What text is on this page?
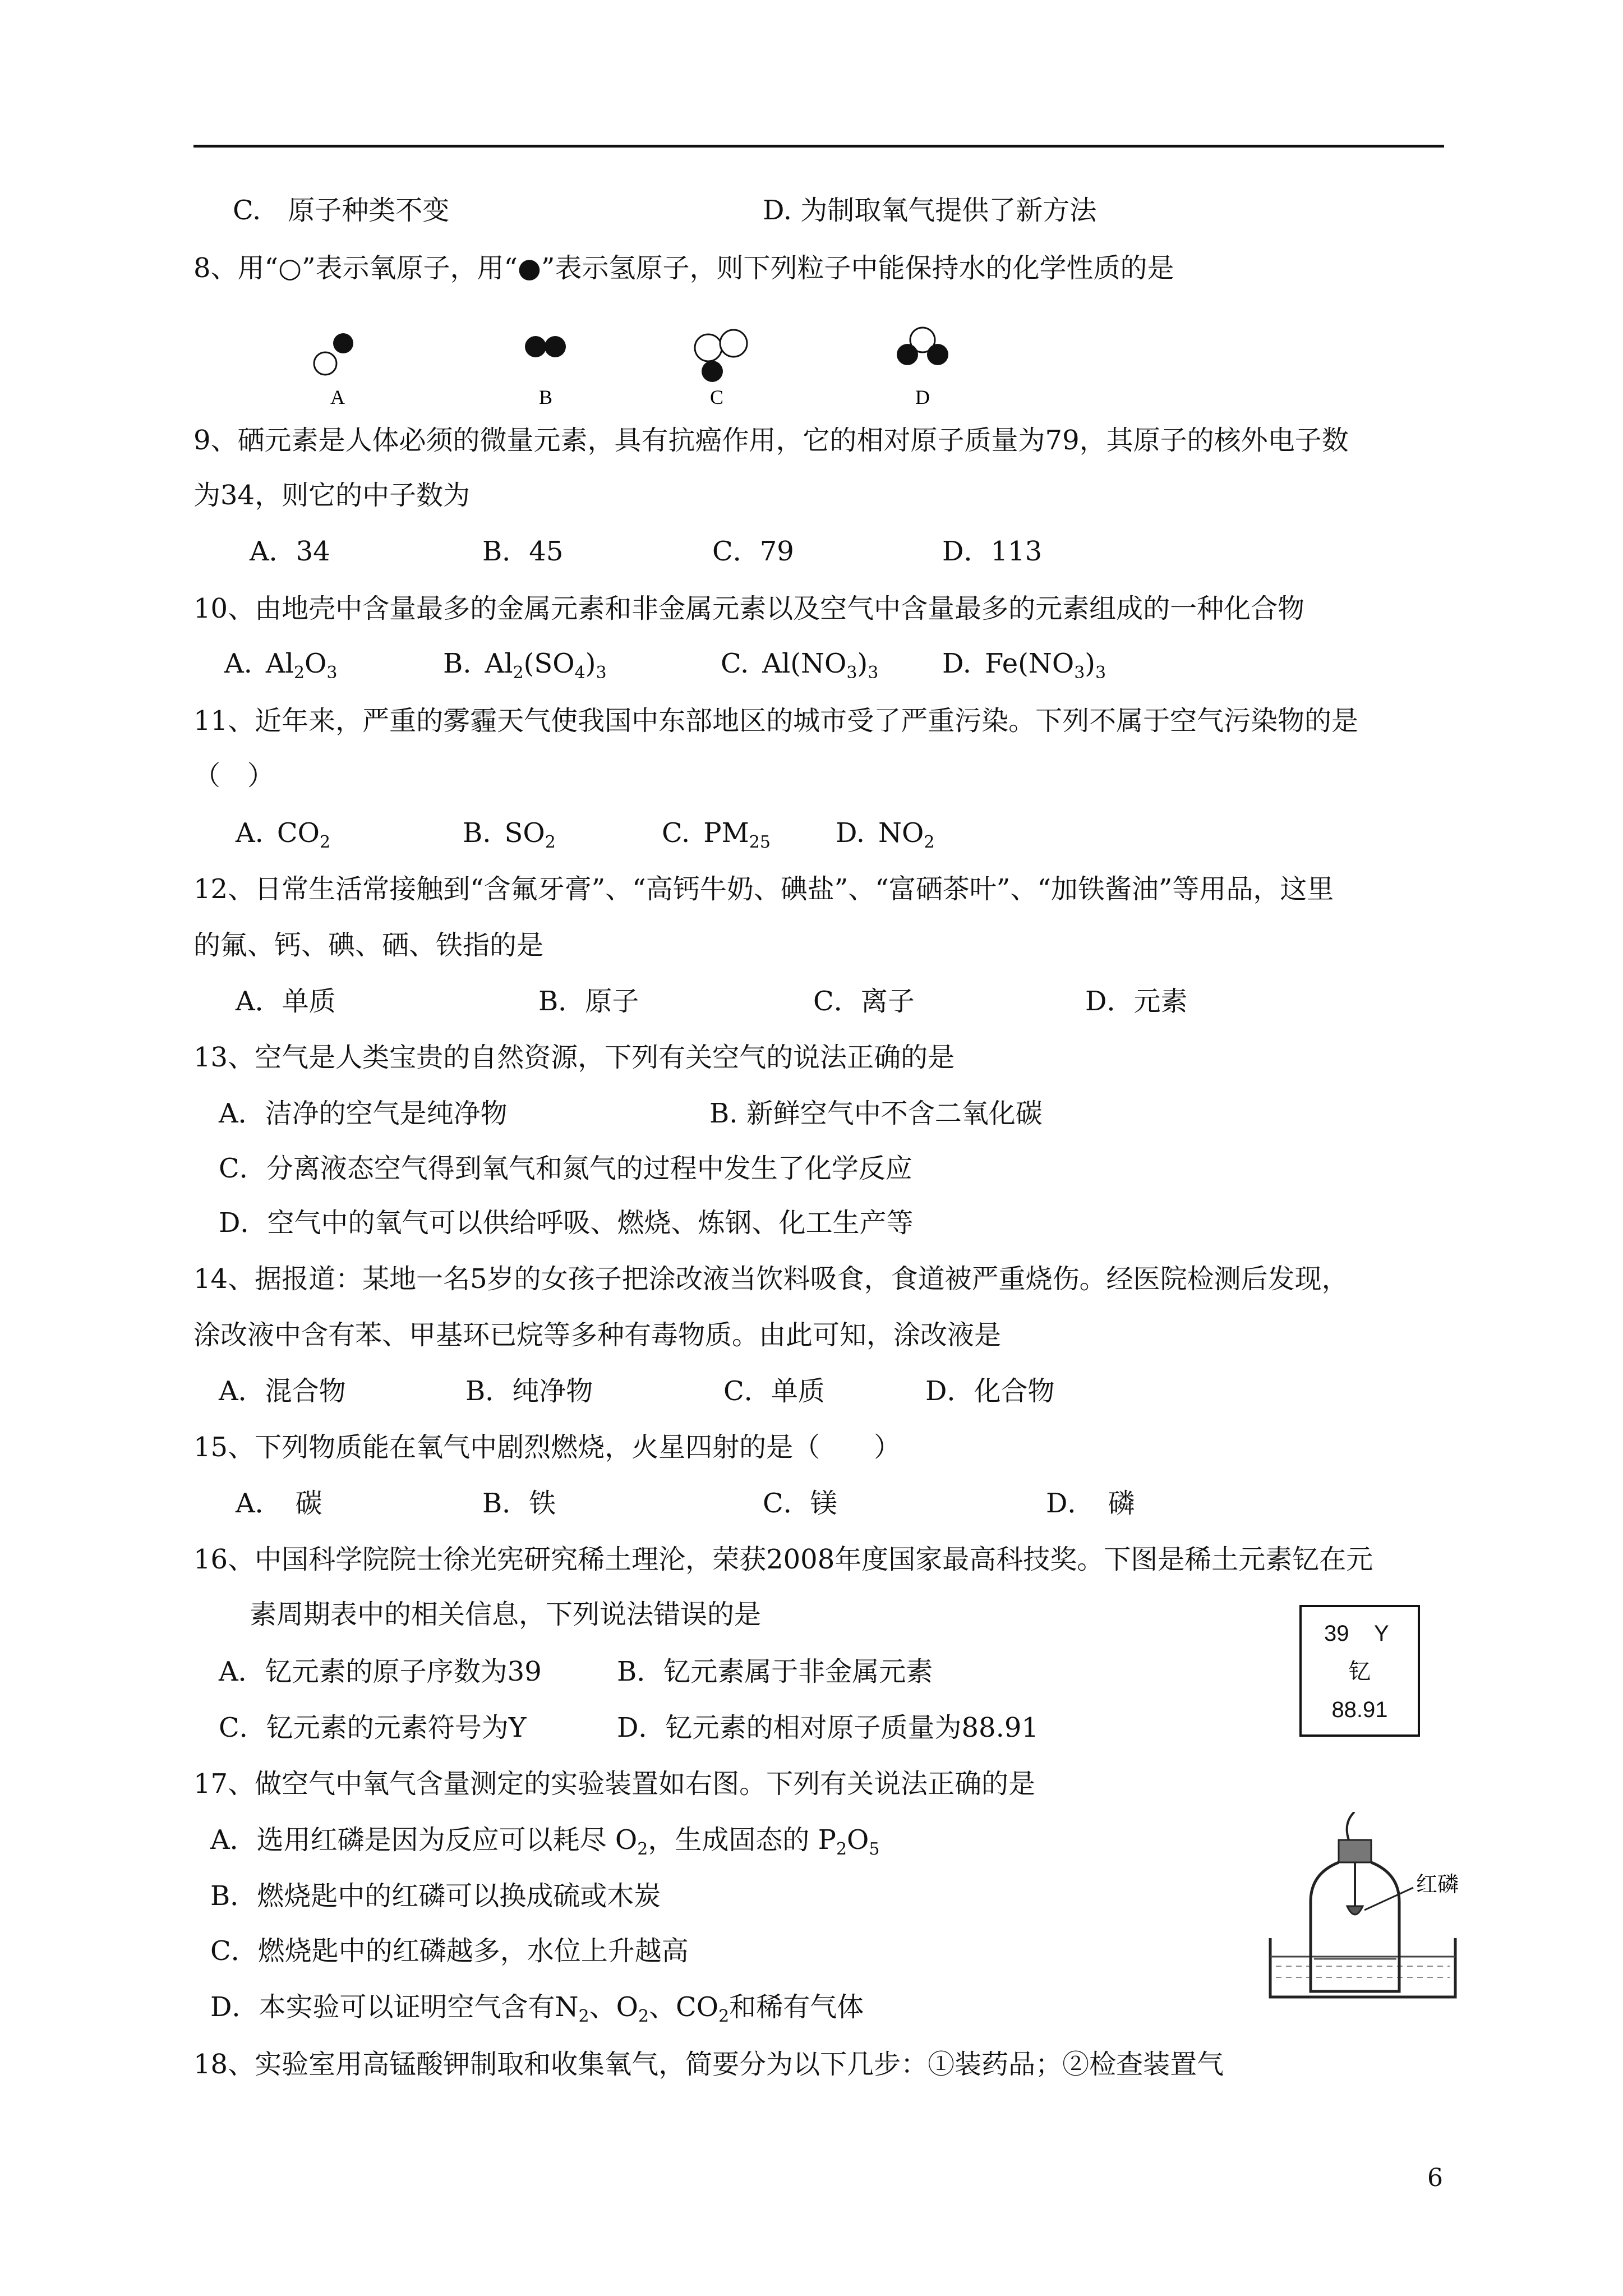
C.　原子种类不变	D. 为制取氧气提供了新方法
8、用“○”表示氧原子，用“●”表示氢原子，则下列粒子中能保持水的化学性质的是
A	B	C	D
9、硒元素是人体必须的微量元素，具有抗癌作用，它的相对原子质量为79，其原子的核外电子数
为34，则它的中子数为
A．34	B．45	C．79	D．113
10、由地壳中含量最多的金属元素和非金属元素以及空气中含量最多的元素组成的一种化合物
A. $Al_2O_3$	B. $Al_2(SO_4)_3$	C. $Al(NO_3)_3$ D. $Fe(NO_3)_3$
11、近年来，严重的雾霾天气使我国中东部地区的城市受了严重污染。下列不属于空气污染物的是
（　）
A. $CO_2$	B. $SO_2$	C. $PM_{25}$ D. $NO_2$
12、日常生活常接触到“含氟牙膏”、“高钙牛奶、碘盐”、“富硒茶叶”、“加铁酱油”等用品，这里
的氟、钙、碘、硒、铁指的是
A．单质	B．原子	C．离子	D．元素
13、空气是人类宝贵的自然资源，下列有关空气的说法正确的是
A．洁净的空气是纯净物	B. 新鲜空气中不含二氧化碳
C．分离液态空气得到氧气和氮气的过程中发生了化学反应
D．空气中的氧气可以供给呼吸、燃烧、炼钢、化工生产等
14、据报道：某地一名5岁的女孩子把涂改液当饮料吸食，食道被严重烧伤。经医院检测后发现，
涂改液中含有苯、甲基环已烷等多种有毒物质。由此可知，涂改液是
A．混合物	B．纯净物	C．单质	D．化合物
15、下列物质能在氧气中剧烈燃烧，火星四射的是（　　）
A．　碳	B．铁	C．镁	D．　磷
16、中国科学院院士徐光宪研究稀土理沦，荣获2008年度国家最高科技奖。下图是稀土元素钇在元
素周期表中的相关信息，下列说法错误的是
A．钇元素的原子序数为39	B．钇元素属于非金属元素
C．钇元素的元素符号为Y	D．钇元素的相对原子质量为88.91
39 Y
钇
88.91
17、做空气中氧气含量测定的实验装置如右图。下列有关说法正确的是
A．选用红磷是因为反应可以耗尽 $O_2$，生成固态的 $P_2O_5$
B．燃烧匙中的红磷可以换成硫或木炭
C．燃烧匙中的红磷越多，水位上升越高
D．本实验可以证明空气含有$N_2$、$O_2$、$CO_2$和稀有气体
红磷
18、实验室用高锰酸钾制取和收集氧气，简要分为以下几步：①装药品；②检查装置气
6
